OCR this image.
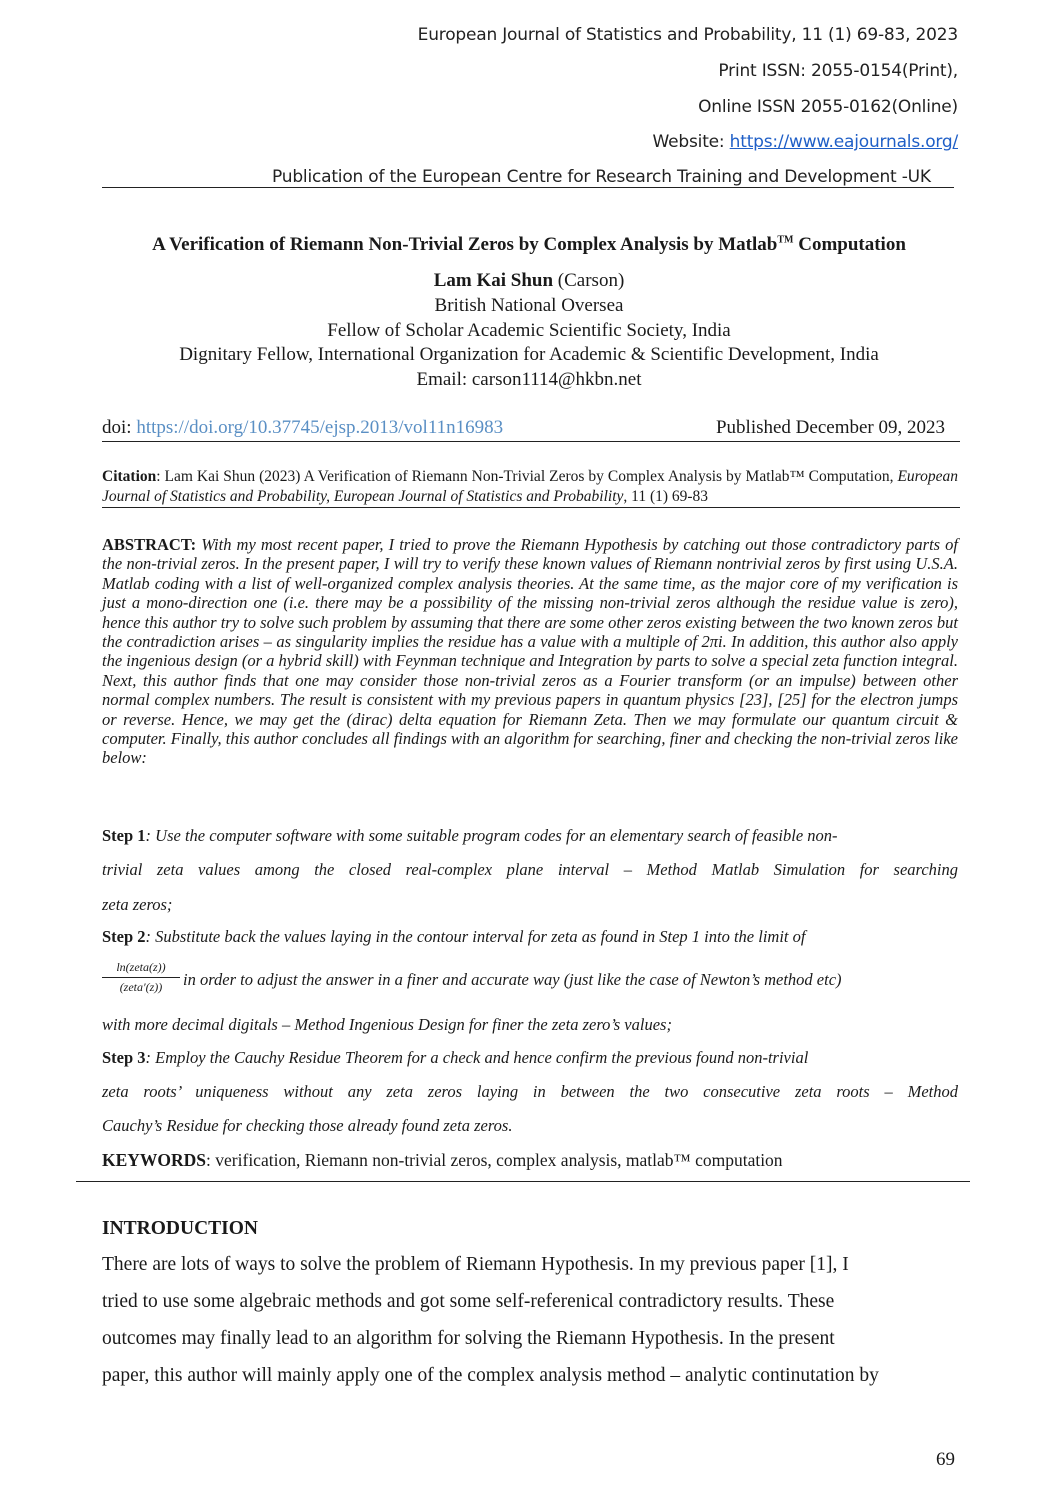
European Journal of Statistics and Probability, 11 (1) 69-83, 2023
Print ISSN: 2055-0154(Print),
Online ISSN 2055-0162(Online)
Website: https://www.eajournals.org/
Publication of the European Centre for Research Training and Development -UK
A Verification of Riemann Non-Trivial Zeros by Complex Analysis by Matlab™ Computation
Lam Kai Shun (Carson)
British National Oversea
Fellow of Scholar Academic Scientific Society, India
Dignitary Fellow, International Organization for Academic & Scientific Development, India
Email: carson1114@hkbn.net
doi: https://doi.org/10.37745/ejsp.2013/vol11n16983	Published December 09, 2023
Citation: Lam Kai Shun (2023) A Verification of Riemann Non-Trivial Zeros by Complex Analysis by Matlab™ Computation, European Journal of Statistics and Probability, European Journal of Statistics and Probability, 11 (1) 69-83
ABSTRACT: With my most recent paper, I tried to prove the Riemann Hypothesis by catching out those contradictory parts of the non-trivial zeros. In the present paper, I will try to verify these known values of Riemann nontrivial zeros by first using U.S.A. Matlab coding with a list of well-organized complex analysis theories. At the same time, as the major core of my verification is just a mono-direction one (i.e. there may be a possibility of the missing non-trivial zeros although the residue value is zero), hence this author try to solve such problem by assuming that there are some other zeros existing between the two known zeros but the contradiction arises – as singularity implies the residue has a value with a multiple of 2πi. In addition, this author also apply the ingenious design (or a hybrid skill) with Feynman technique and Integration by parts to solve a special zeta function integral. Next, this author finds that one may consider those non-trivial zeros as a Fourier transform (or an impulse) between other normal complex numbers. The result is consistent with my previous papers in quantum physics [23], [25] for the electron jumps or reverse. Hence, we may get the (dirac) delta equation for Riemann Zeta. Then we may formulate our quantum circuit & computer. Finally, this author concludes all findings with an algorithm for searching, finer and checking the non-trivial zeros like below:
Step 1: Use the computer software with some suitable program codes for an elementary search of feasible non-
trivial zeta values among the closed real-complex plane interval – Method Matlab Simulation for searching
zeta zeros;
Step 2: Substitute back the values laying in the contour interval for zeta as found in Step 1 into the limit of
ln(zeta(z))
(zeta′(z))	in order to adjust the answer in a finer and accurate way (just like the case of Newton’s method etc)
with more decimal digitals – Method Ingenious Design for finer the zeta zero’s values;
Step 3: Employ the Cauchy Residue Theorem for a check and hence confirm the previous found non-trivial
zeta roots’ uniqueness without any zeta zeros laying in between the two consecutive zeta roots – Method
Cauchy’s Residue for checking those already found zeta zeros.
KEYWORDS: verification, Riemann non-trivial zeros, complex analysis, matlab™ computation
INTRODUCTION
There are lots of ways to solve the problem of Riemann Hypothesis. In my previous paper [1], I
tried to use some algebraic methods and got some self-referenical contradictory results. These
outcomes may finally lead to an algorithm for solving the Riemann Hypothesis. In the present
paper, this author will mainly apply one of the complex analysis method – analytic continutation by
69
